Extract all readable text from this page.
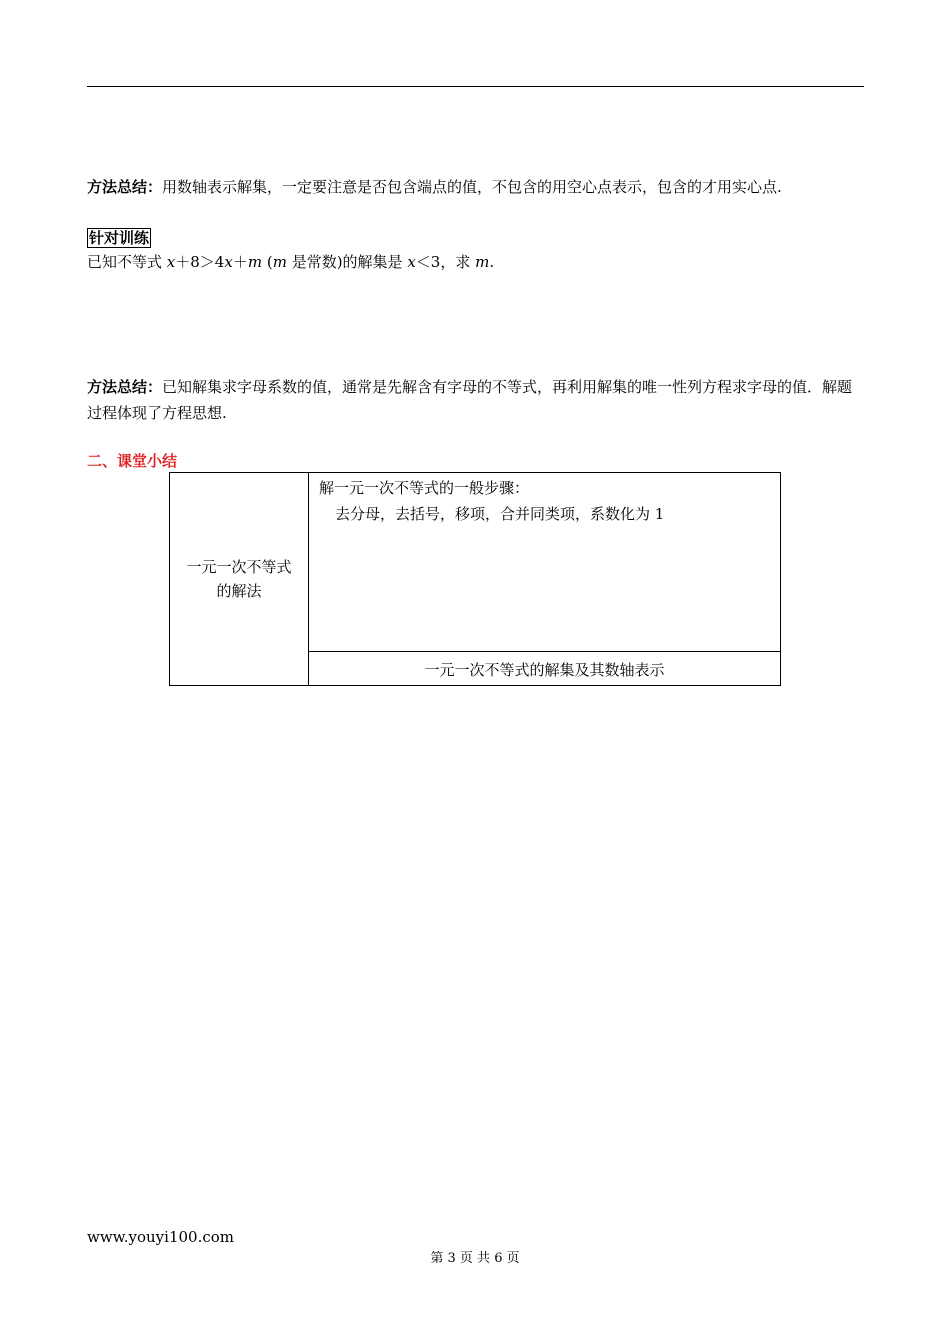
方法总结：用数轴表示解集，一定要注意是否包含端点的值，不包含的用空心点表示，包含的才用实心点.

针对训练

已知不等式 x＋8＞4x＋m (m 是常数)的解集是 x＜3，求 m.

方法总结：已知解集求字母系数的值，通常是先解含有字母的不等式，再利用解集的唯一性列方程求字母的值．解题过程体现了方程思想.

二、课堂小结
一元一次不等式
的解法
解一元一次不等式的一般步骤：
去分母，去括号，移项，合并同类项，系数化为 1
一元一次不等式的解集及其数轴表示
www.youyi100.com
第 3 页 共 6 页
